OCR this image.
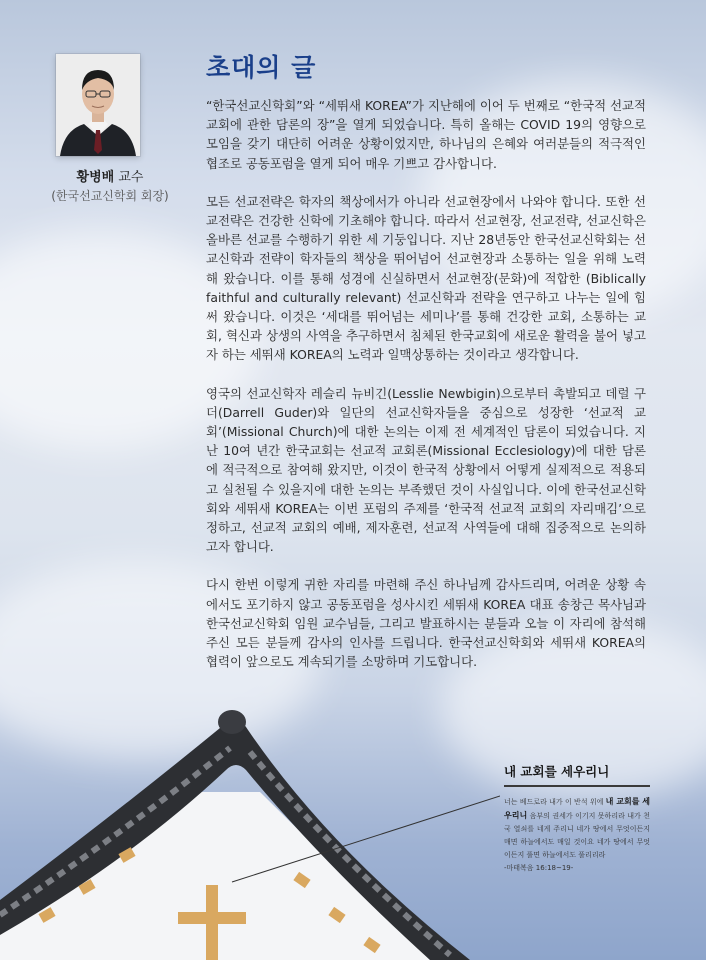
황병배 교수
(한국선교신학회 회장)
초대의 글

“한국선교신학회”와 “세뛰새 KOREA”가 지난해에 이어 두 번째로 “한국적 선교적 교회에 관한 담론의 장”을 열게 되었습니다. 특히 올해는 COVID 19의 영향으로 모임을 갖기 대단히 어려운 상황이었지만, 하나님의 은혜와 여러분들의 적극적인 협조로 공동포럼을 열게 되어 매우 기쁘고 감사합니다.

모든 선교전략은 학자의 책상에서가 아니라 선교현장에서 나와야 합니다. 또한 선교전략은 건강한 신학에 기초해야 합니다. 따라서 선교현장, 선교전략, 선교신학은 올바른 선교를 수행하기 위한 세 기둥입니다. 지난 28년동안 한국선교신학회는 선교신학과 전략이 학자들의 책상을 뛰어넘어 선교현장과 소통하는 일을 위해 노력해 왔습니다. 이를 통해 성경에 신실하면서 선교현장(문화)에 적합한 (Biblically faithful and culturally relevant) 선교신학과 전략을 연구하고 나누는 일에 힘써 왔습니다. 이것은 ‘세대를 뛰어넘는 세미나’를 통해 건강한 교회, 소통하는 교회, 혁신과 상생의 사역을 추구하면서 침체된 한국교회에 새로운 활력을 불어 넣고자 하는 세뛰새 KOREA의 노력과 일맥상통하는 것이라고 생각합니다.

영국의 선교신학자 레슬리 뉴비긴(Lesslie Newbigin)으로부터 촉발되고 데럴 구더(Darrell Guder)와 일단의 선교신학자들을 중심으로 성장한 ‘선교적 교회’(Missional Church)에 대한 논의는 이제 전 세계적인 담론이 되었습니다. 지난 10여 년간 한국교회는 선교적 교회론(Missional Ecclesiology)에 대한 담론에 적극적으로 참여해 왔지만, 이것이 한국적 상황에서 어떻게 실제적으로 적용되고 실천될 수 있을지에 대한 논의는 부족했던 것이 사실입니다. 이에 한국선교신학회와 세뛰새 KOREA는 이번 포럼의 주제를 ‘한국적 선교적 교회의 자리매김’으로 정하고, 선교적 교회의 예배, 제자훈련, 선교적 사역들에 대해 집중적으로 논의하고자 합니다.

다시 한번 이렇게 귀한 자리를 마련해 주신 하나님께 감사드리며, 어려운 상황 속에서도 포기하지 않고 공동포럼을 성사시킨 세뛰새 KOREA 대표 송창근 목사님과 한국선교신학회 임원 교수님들, 그리고 발표하시는 분들과 오늘 이 자리에 참석해 주신 모든 분들께 감사의 인사를 드립니다. 한국선교신학회와 세뛰새 KOREA의 협력이 앞으로도 계속되기를 소망하며 기도합니다.

내 교회를 세우리니
너는 베드로라 내가 이 반석 위에 내 교회를 세우리니 음부의 권세가 이기지 못하리라 내가 천국 열쇠를 네게 주리니 네가 땅에서 무엇이든지 매면 하늘에서도 매일 것이요 네가 땅에서 무엇이든지 풀면 하늘에서도 풀리리라
-마태복음 16:18~19-
